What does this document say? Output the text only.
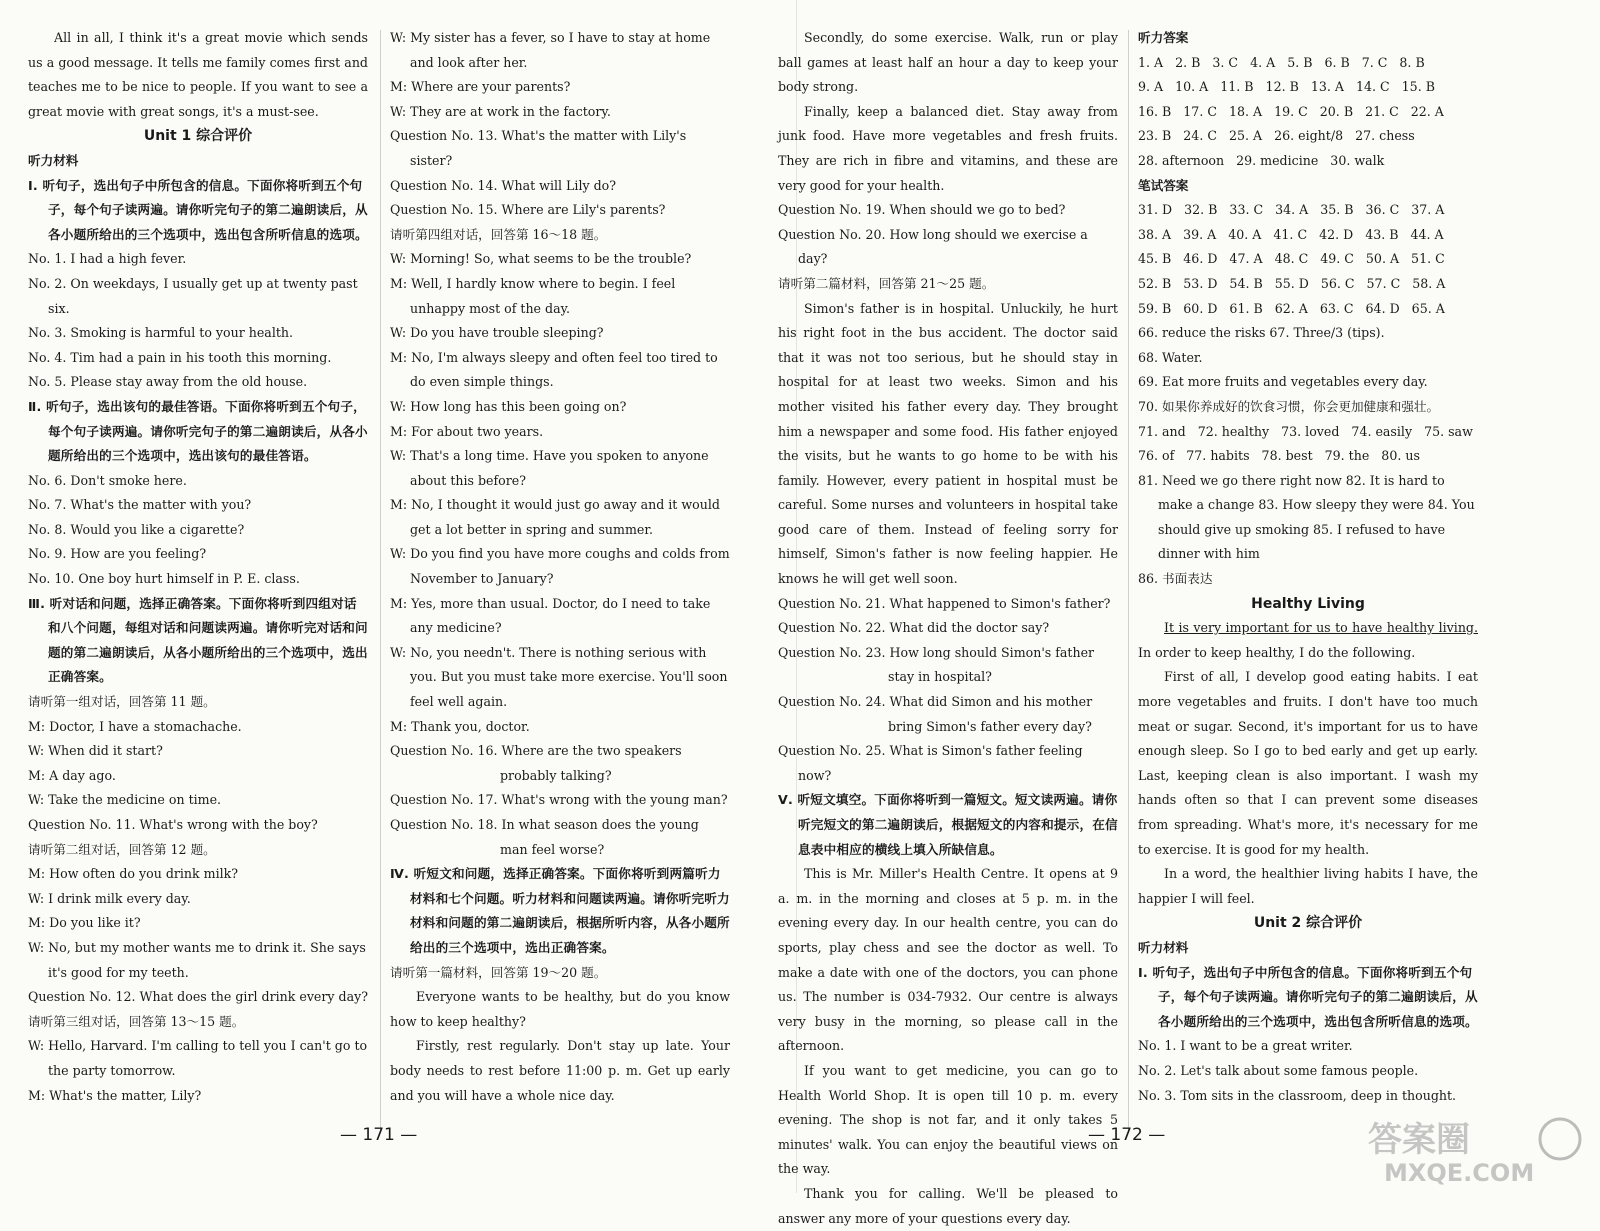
All in all, I think it's a great movie which sends us a good message. It tells me family comes first and teaches me to be nice to people. If you want to see a great movie with great songs, it's a must-see.

Unit 1 综合评价

听力材料

Ⅰ. 听句子，选出句子中所包含的信息。下面你将听到五个句子，每个句子读两遍。请你听完句子的第二遍朗读后，从各小题所给出的三个选项中，选出包含所听信息的选项。

No. 1. I had a high fever.

No. 2. On weekdays, I usually get up at twenty past six.

No. 3. Smoking is harmful to your health.

No. 4. Tim had a pain in his tooth this morning.

No. 5. Please stay away from the old house.

Ⅱ. 听句子，选出该句的最佳答语。下面你将听到五个句子，每个句子读两遍。请你听完句子的第二遍朗读后，从各小题所给出的三个选项中，选出该句的最佳答语。

No. 6. Don't smoke here.

No. 7. What's the matter with you?

No. 8. Would you like a cigarette?

No. 9. How are you feeling?

No. 10. One boy hurt himself in P. E. class.

Ⅲ. 听对话和问题，选择正确答案。下面你将听到四组对话和八个问题，每组对话和问题读两遍。请你听完对话和问题的第二遍朗读后，从各小题所给出的三个选项中，选出正确答案。

请听第一组对话，回答第 11 题。

M: Doctor, I have a stomachache.

W: When did it start?

M: A day ago.

W: Take the medicine on time.

Question No. 11. What's wrong with the boy?

请听第二组对话，回答第 12 题。

M: How often do you drink milk?

W: I drink milk every day.

M: Do you like it?

W: No, but my mother wants me to drink it. She says it's good for my teeth.

Question No. 12. What does the girl drink every day?

请听第三组对话，回答第 13～15 题。

W: Hello, Harvard. I'm calling to tell you I can't go to the party tomorrow.

M: What's the matter, Lily?

W: My sister has a fever, so I have to stay at home and look after her.

M: Where are your parents?

W: They are at work in the factory.

Question No. 13. What's the matter with Lily's sister?

Question No. 14. What will Lily do?

Question No. 15. Where are Lily's parents?

请听第四组对话，回答第 16～18 题。

W: Morning! So, what seems to be the trouble?

M: Well, I hardly know where to begin. I feel unhappy most of the day.

W: Do you have trouble sleeping?

M: No, I'm always sleepy and often feel too tired to do even simple things.

W: How long has this been going on?

M: For about two years.

W: That's a long time. Have you spoken to anyone about this before?

M: No, I thought it would just go away and it would get a lot better in spring and summer.

W: Do you find you have more coughs and colds from November to January?

M: Yes, more than usual. Doctor, do I need to take any medicine?

W: No, you needn't. There is nothing serious with you. But you must take more exercise. You'll soon feel well again.

M: Thank you, doctor.

Question No. 16. Where are the two speakers probably talking?

Question No. 17. What's wrong with the young man?

Question No. 18. In what season does the young man feel worse?

Ⅳ. 听短文和问题，选择正确答案。下面你将听到两篇听力材料和七个问题。听力材料和问题读两遍。请你听完听力材料和问题的第二遍朗读后，根据所听内容，从各小题所给出的三个选项中，选出正确答案。

请听第一篇材料，回答第 19～20 题。

Everyone wants to be healthy, but do you know how to keep healthy?

Firstly, rest regularly. Don't stay up late. Your body needs to rest before 11:00 p. m. Get up early and you will have a whole nice day.

Secondly, do some exercise. Walk, run or play ball games at least half an hour a day to keep your body strong.

Finally, keep a balanced diet. Stay away from junk food. Have more vegetables and fresh fruits. They are rich in fibre and vitamins, and these are very good for your health.

Question No. 19. When should we go to bed?

Question No. 20. How long should we exercise a day?

请听第二篇材料，回答第 21～25 题。

Simon's father is in hospital. Unluckily, he hurt his right foot in the bus accident. The doctor said that it was not too serious, but he should stay in hospital for at least two weeks. Simon and his mother visited his father every day. They brought him a newspaper and some food. His father enjoyed the visits, but he wants to go home to be with his family. However, every patient in hospital must be careful. Some nurses and volunteers in hospital take good care of them. Instead of feeling sorry for himself, Simon's father is now feeling happier. He knows he will get well soon.

Question No. 21. What happened to Simon's father?

Question No. 22. What did the doctor say?

Question No. 23. How long should Simon's father stay in hospital?

Question No. 24. What did Simon and his mother bring Simon's father every day?

Question No. 25. What is Simon's father feeling now?

Ⅴ. 听短文填空。下面你将听到一篇短文。短文读两遍。请你听完短文的第二遍朗读后，根据短文的内容和提示，在信息表中相应的横线上填入所缺信息。

This is Mr. Miller's Health Centre. It opens at 9 a. m. in the morning and closes at 5 p. m. in the evening every day. In our health centre, you can do sports, play chess and see the doctor as well. To make a date with one of the doctors, you can phone us. The number is 034-7932. Our centre is always very busy in the morning, so please call in the afternoon.

If you want to get medicine, you can go to Health World Shop. It is open till 10 p. m. every evening. The shop is not far, and it only takes 5 minutes' walk. You can enjoy the beautiful views on the way.

Thank you for calling. We'll be pleased to answer any more of your questions every day.

听力答案

1. A   2. B   3. C   4. A   5. B   6. B   7. C   8. B

9. A   10. A   11. B   12. B   13. A   14. C   15. B

16. B   17. C   18. A   19. C   20. B   21. C   22. A

23. B   24. C   25. A   26. eight/8   27. chess

28. afternoon   29. medicine   30. walk

笔试答案

31. D   32. B   33. C   34. A   35. B   36. C   37. A

38. A   39. A   40. A   41. C   42. D   43. B   44. A

45. B   46. D   47. A   48. C   49. C   50. A   51. C

52. B   53. D   54. B   55. D   56. C   57. C   58. A

59. B   60. D   61. B   62. A   63. C   64. D   65. A

66. reduce the risks 67. Three/3 (tips).

68. Water.

69. Eat more fruits and vegetables every day.

70. 如果你养成好的饮食习惯，你会更加健康和强壮。

71. and   72. healthy   73. loved   74. easily   75. saw

76. of   77. habits   78. best   79. the   80. us

81. Need we go there right now 82. It is hard to make a change 83. How sleepy they were 84. You should give up smoking 85. I refused to have dinner with him

86. 书面表达

Healthy Living

It is very important for us to have healthy living. In order to keep healthy, I do the following.

First of all, I develop good eating habits. I eat more vegetables and fruits. I don't have too much meat or sugar. Second, it's important for us to have enough sleep. So I go to bed early and get up early. Last, keeping clean is also important. I wash my hands often so that I can prevent some diseases from spreading. What's more, it's necessary for me to exercise. It is good for my health.

In a word, the healthier living habits I have, the happier I will feel.

Unit 2 综合评价

听力材料

Ⅰ. 听句子，选出句子中所包含的信息。下面你将听到五个句子，每个句子读两遍。请你听完句子的第二遍朗读后，从各小题所给出的三个选项中，选出包含所听信息的选项。

No. 1. I want to be a great writer.

No. 2. Let's talk about some famous people.

No. 3. Tom sits in the classroom, deep in thought.

— 171 —	— 172 —	答案圈
MXQE.COM
